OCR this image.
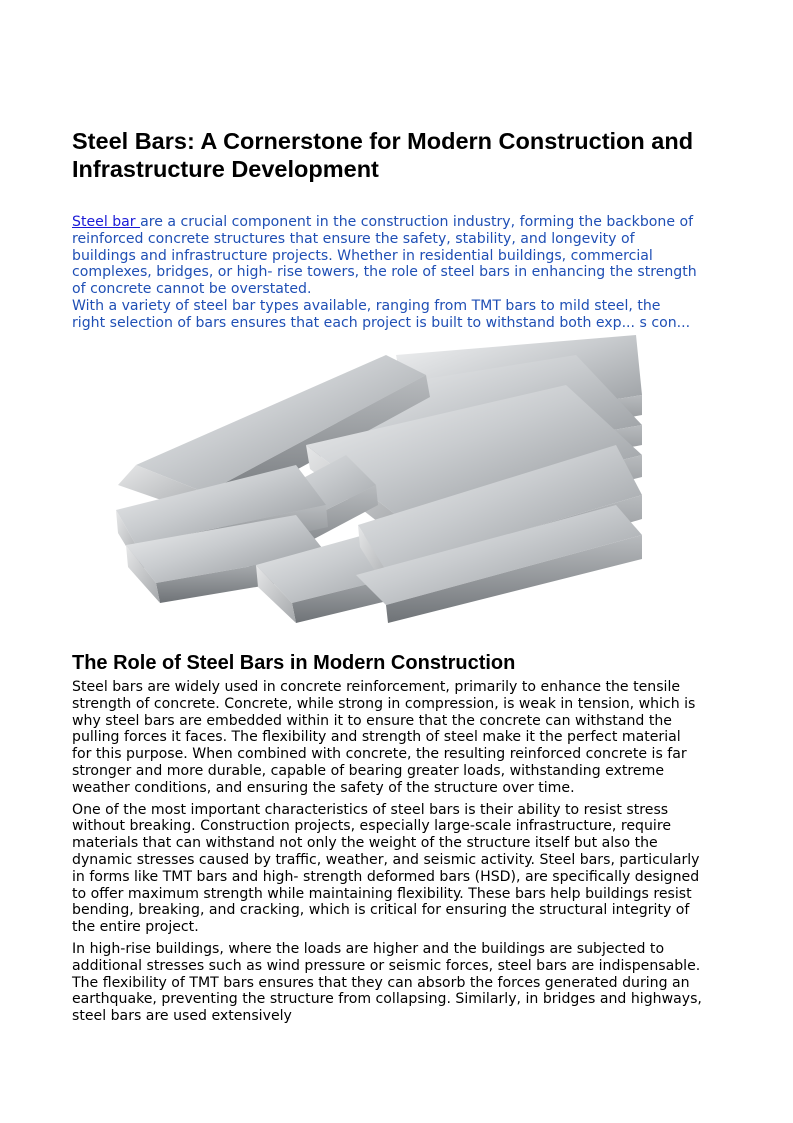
Steel Bars: A Cornerstone for Modern Construction and Infrastructure Development

Steel bar are a crucial component in the construction industry, forming the backbone of reinforced concrete structures that ensure the safety, stability, and longevity of buildings and infrastructure projects. Whether in residential buildings, commercial complexes, bridges, or high- rise towers, the role of steel bars in enhancing the strength of concrete cannot be overstated.
With a variety of steel bar types available, ranging from TMT bars to mild steel, the right selection of bars ensures that each project is built to withstand both exp... s con...

The Role of Steel Bars in Modern Construction

Steel bars are widely used in concrete reinforcement, primarily to enhance the tensile strength of concrete. Concrete, while strong in compression, is weak in tension, which is why steel bars are embedded within it to ensure that the concrete can withstand the pulling forces it faces. The flexibility and strength of steel make it the perfect material for this purpose. When combined with concrete, the resulting reinforced concrete is far stronger and more durable, capable of bearing greater loads, withstanding extreme weather conditions, and ensuring the safety of the structure over time.

One of the most important characteristics of steel bars is their ability to resist stress without breaking. Construction projects, especially large-scale infrastructure, require materials that can withstand not only the weight of the structure itself but also the dynamic stresses caused by traffic, weather, and seismic activity. Steel bars, particularly in forms like TMT bars and high- strength deformed bars (HSD), are specifically designed to offer maximum strength while maintaining flexibility. These bars help buildings resist bending, breaking, and cracking, which is critical for ensuring the structural integrity of the entire project.

In high-rise buildings, where the loads are higher and the buildings are subjected to additional stresses such as wind pressure or seismic forces, steel bars are indispensable. The flexibility of TMT bars ensures that they can absorb the forces generated during an earthquake, preventing the structure from collapsing. Similarly, in bridges and highways, steel bars are used extensively
